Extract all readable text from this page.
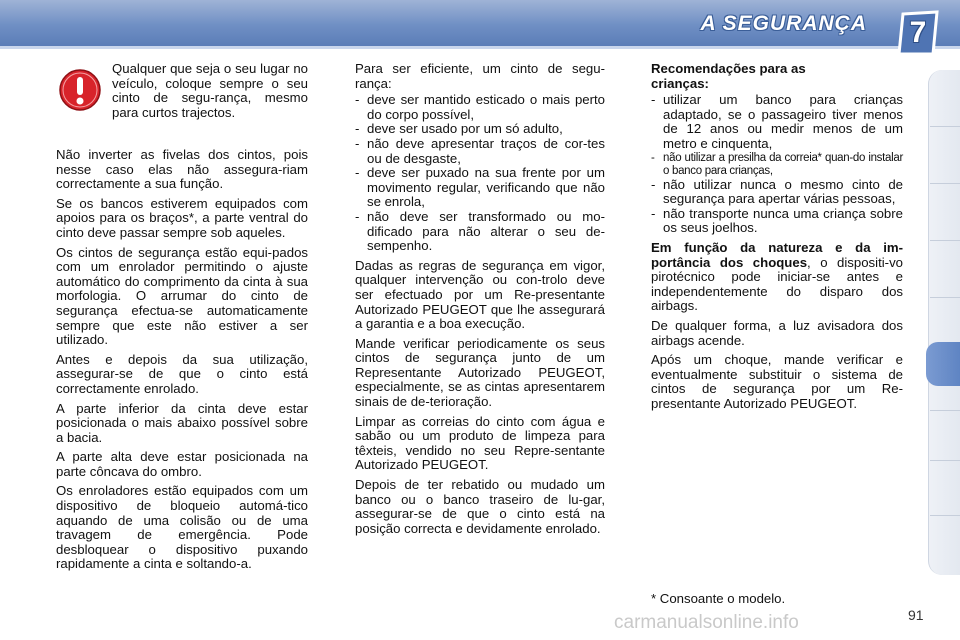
A SEGURANÇA	7
Qualquer que seja o seu lugar no veículo, coloque sempre o seu cinto de segu-rança, mesmo para curtos trajectos.

Não inverter as fivelas dos cintos, pois nesse caso elas não assegura-riam correctamente a sua função.

Se os bancos estiverem equipados com apoios para os braços*, a parte ventral do cinto deve passar sempre sob aqueles.

Os cintos de segurança estão equi-pados com um enrolador permitindo o ajuste automático do comprimento da cinta à sua morfologia. O arrumar do cinto de segurança efectua-se automaticamente sempre que este não estiver a ser utilizado.

Antes e depois da sua utilização, assegurar-se de que o cinto está correctamente enrolado.

A parte inferior da cinta deve estar posicionada o mais abaixo possível sobre a bacia.

A parte alta deve estar posicionada na parte côncava do ombro.

Os enroladores estão equipados com um dispositivo de bloqueio automá-tico aquando de uma colisão ou de uma travagem de emergência. Pode desbloquear o dispositivo puxando rapidamente a cinta e soltando-a.

Para ser eficiente, um cinto de segu-rança:

- deve ser mantido esticado o mais perto do corpo possível,
- deve ser usado por um só adulto,
- não deve apresentar traços de cor-tes ou de desgaste,
- deve ser puxado na sua frente por um movimento regular, verificando que não se enrola,
- não deve ser transformado ou mo-dificado para não alterar o seu de-sempenho.

Dadas as regras de segurança em vigor, qualquer intervenção ou con-trolo deve ser efectuado por um Re-presentante Autorizado PEUGEOT que lhe assegurará a garantia e a boa execução.

Mande verificar periodicamente os seus cintos de segurança junto de um Representante Autorizado PEUGEOT, especialmente, se as cintas apresentarem sinais de de-terioração.

Limpar as correias do cinto com água e sabão ou um produto de limpeza para têxteis, vendido no seu Repre-sentante Autorizado PEUGEOT.

Depois de ter rebatido ou mudado um banco ou o banco traseiro de lu-gar, assegurar-se de que o cinto está na posição correcta e devidamente enrolado.

Recomendações para as crianças:

- utilizar um banco para crianças adaptado, se o passageiro tiver menos de 12 anos ou medir menos de um metro e cinquenta,
- não utilizar a presilha da correia* quan-do instalar o banco para crianças,
- não utilizar nunca o mesmo cinto de segurança para apertar várias pessoas,
- não transporte nunca uma criança sobre os seus joelhos.

Em função da natureza e da im-portância dos choques, o dispositi-vo pirotécnico pode iniciar-se antes e independentemente do disparo dos airbags.

De qualquer forma, a luz avisadora dos airbags acende.

Após um choque, mande verificar e eventualmente substituir o sistema de cintos de segurança por um Re-presentante Autorizado PEUGEOT.

* Consoante o modelo.
carmanualsonline.info	91
